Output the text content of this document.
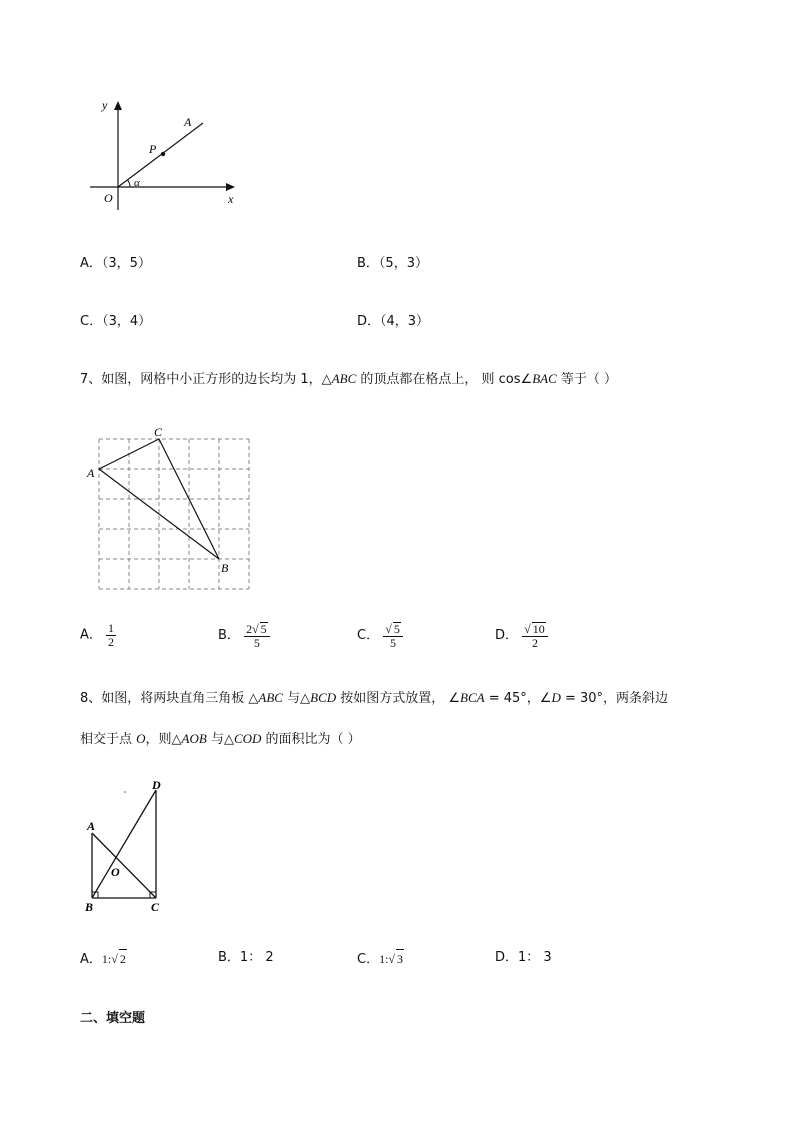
y
x
O
P
A
α
A．（3，5）	B．（5，3）
C．（3，4）	D．（4，3）
7、如图，网格中小正方形的边长均为 1，△ABC 的顶点都在格点上， 则 cos∠BAC 等于（ ）
A
C
B
A． $\frac{1}{2}$	B． $\frac{2√ 5}{5}$	C． $\frac{√ 5}{5}$	D． $\frac{√ 10}{2}$
8、如图，将两块直角三角板 △ABC 与△BCD 按如图方式放置， ∠BCA = 45°，∠D = 30°，两条斜边
相交于点 O，则△AOB 与△COD 的面积比为（ ）
A
B	C
D
O
A．1:√ 2	B．1： 2	C．1:√ 3	D．1： 3
二、填空题
